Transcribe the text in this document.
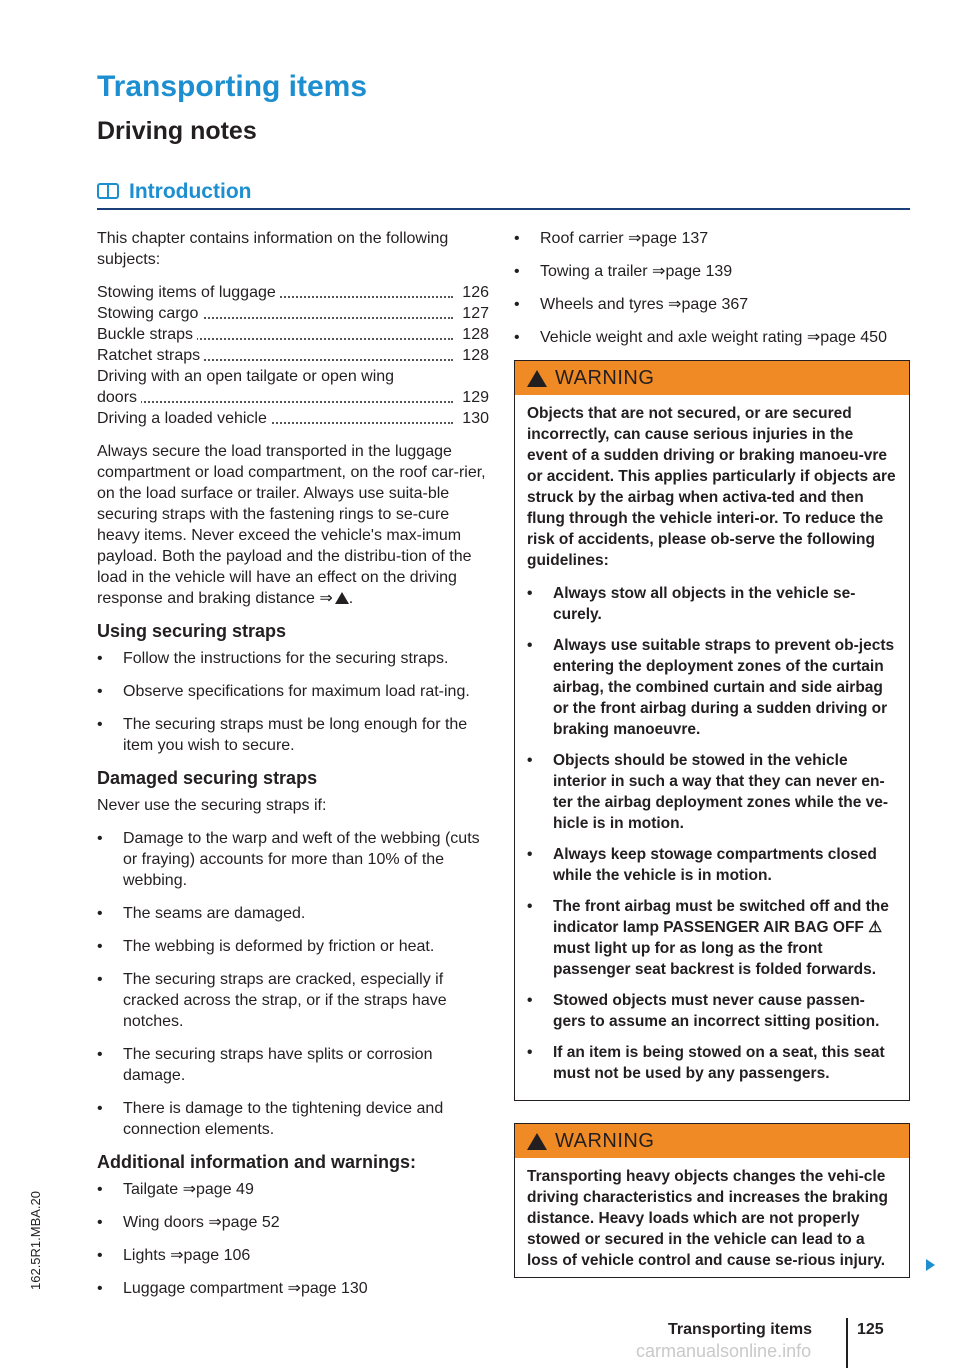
Transporting items
Driving notes
Introduction

This chapter contains information on the following subjects:

Stowing items of luggage	126
Stowing cargo	127
Buckle straps	128
Ratchet straps	128
Driving with an open tailgate or open wing
doors	129
Driving a loaded vehicle	130

Always secure the load transported in the luggage compartment or load compartment, on the roof car-rier, on the load surface or trailer. Always use suita-ble securing straps with the fastening rings to se-cure heavy items. Never exceed the vehicle's max-imum payload. Both the payload and the distribu-tion of the load in the vehicle will have an effect on the driving response and braking distance ⇒ .

Using securing straps
• Follow the instructions for the securing straps.
• Observe specifications for maximum load rat-ing.
• The securing straps must be long enough for the item you wish to secure.
Damaged securing straps

Never use the securing straps if:

• Damage to the warp and weft of the webbing (cuts or fraying) accounts for more than 10% of the webbing.
• The seams are damaged.
• The webbing is deformed by friction or heat.
• The securing straps are cracked, especially if cracked across the strap, or if the straps have notches.
• The securing straps have splits or corrosion damage.
• There is damage to the tightening device and connection elements.
Additional information and warnings:
• Tailgate ⇒page 49
• Wing doors ⇒page 52
• Lights ⇒page 106
• Luggage compartment ⇒page 130
• Roof carrier ⇒page 137
• Towing a trailer ⇒page 139
• Wheels and tyres ⇒page 367
• Vehicle weight and axle weight rating ⇒page 450
WARNING

Objects that are not secured, or are secured incorrectly, can cause serious injuries in the event of a sudden driving or braking manoeu-vre or accident. This applies particularly if objects are struck by the airbag when activa-ted and then flung through the vehicle interi-or. To reduce the risk of accidents, please ob-serve the following guidelines:

• Always stow all objects in the vehicle se-curely.
• Always use suitable straps to prevent ob-jects entering the deployment zones of the curtain airbag, the combined curtain and side airbag or the front airbag during a sudden driving or braking manoeuvre.
• Objects should be stowed in the vehicle interior in such a way that they can never en-ter the airbag deployment zones while the ve-hicle is in motion.
• Always keep stowage compartments closed while the vehicle is in motion.
• The front airbag must be switched off and the indicator lamp PASSENGER AIR BAG OFF ⚠ must light up for as long as the front passenger seat backrest is folded forwards.
• Stowed objects must never cause passen-gers to assume an incorrect sitting position.
• If an item is being stowed on a seat, this seat must not be used by any passengers.
WARNING

Transporting heavy objects changes the vehi-cle driving characteristics and increases the braking distance. Heavy loads which are not properly stowed or secured in the vehicle can lead to a loss of vehicle control and cause se-rious injury.

Transporting items	125
162.5R1.MBA.20
carmanualsonline.info
